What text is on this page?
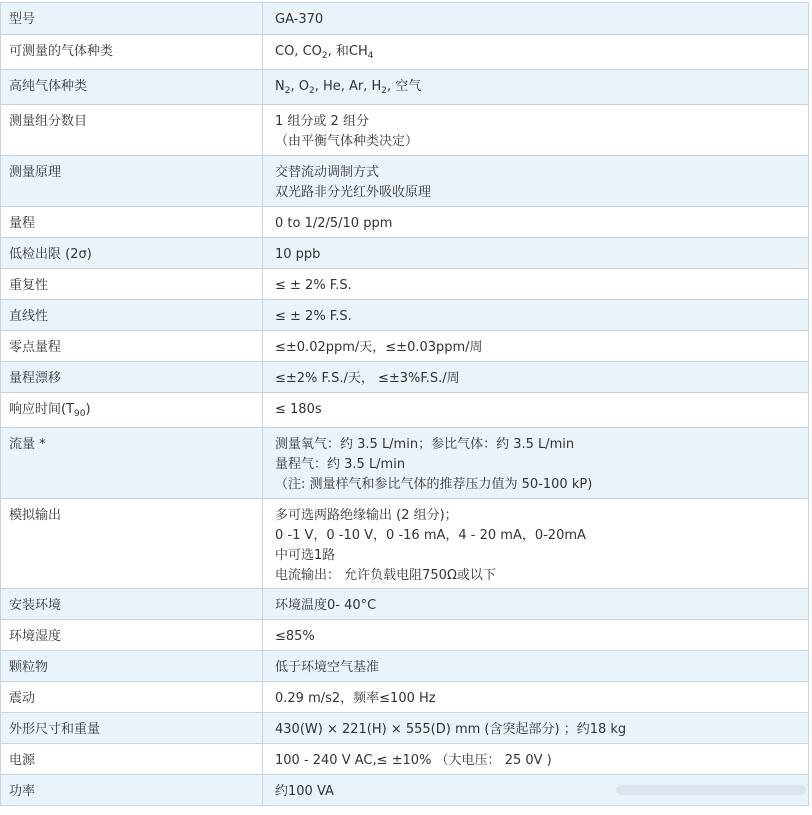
型号	GA-370

可测量的气体种类	CO, $CO_2$, 和$CH_4$

高纯气体种类	$N_2$, $O_2$, He, Ar, $H_2$, 空气

测量组分数目	1 组分或 2 组分
（由平衡气体种类决定）

测量原理	交替流动调制方式
双光路非分光红外吸收原理

量程	0 to 1/2/5/10 ppm

低检出限 (2σ)	10 ppb

重复性	≤ ± 2% F.S.

直线性	≤ ± 2% F.S.

零点量程	≤±0.02ppm/天，≤±0.03ppm/周

量程漂移	≤±2% F.S./天， ≤±3%F.S./周

响应时间$(T_{90})$	≤ 180s

流量 *	测量氧气：约 3.5 L/min；参比气体：约 3.5 L/min
量程气：约 3.5 L/min
（注: 测量样气和参比气体的推荐压力值为 50-100 kP)

模拟输出	多可选两路绝缘输出 (2 组分)；
0 -1 V，0 -10 V，0 -16 mA，4 - 20 mA，0-20mA
中可选1路
电流输出： 允许负载电阻750Ω或以下

安装环境	环境温度0- 40°C

环境湿度	≤85%

颗粒物	低于环境空气基准

震动	0.29 m/s2，频率≤100 Hz

外形尺寸和重量	430(W) × 221(H) × 555(D) mm (含突起部分) ；约18 kg

电源	100 - 240 V AC,≤ ±10% （大电压： 25 0V )

功率	约100 VA
